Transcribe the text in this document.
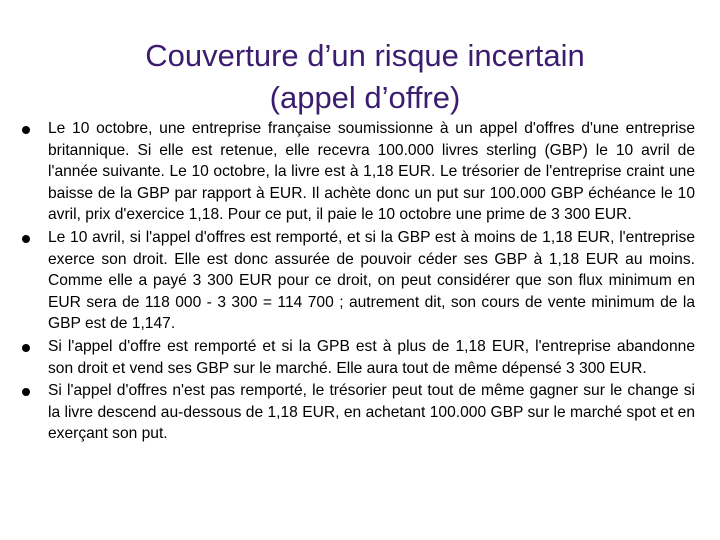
Couverture d’un risque incertain
(appel d’offre)
Le 10 octobre, une entreprise française soumissionne à un appel d'offres d'une entreprise britannique. Si elle est retenue, elle recevra 100.000 livres sterling (GBP) le 10 avril de l'année suivante. Le 10 octobre, la livre est à 1,18 EUR. Le trésorier de l'entreprise craint une baisse de la GBP par rapport à EUR. Il achète donc un put sur 100.000 GBP échéance le 10 avril, prix d'exercice 1,18. Pour ce put, il paie le 10 octobre une prime de 3 300 EUR.
Le 10 avril, si l'appel d'offres est remporté, et si la GBP est à moins de 1,18 EUR, l'entreprise exerce son droit. Elle est donc assurée de pouvoir céder ses GBP à 1,18 EUR au moins. Comme elle a payé 3 300 EUR pour ce droit, on peut considérer que son flux minimum en EUR sera de 118 000 - 3 300 = 114 700 ; autrement dit, son cours de vente minimum de la GBP est de 1,147.
Si l'appel d'offre est remporté et si la GPB est à plus de 1,18 EUR, l'entreprise abandonne son droit et vend ses GBP sur le marché. Elle aura tout de même dépensé 3 300 EUR.
Si l'appel d'offres n'est pas remporté, le trésorier peut tout de même gagner sur le change si la livre descend au-dessous de 1,18 EUR, en achetant 100.000 GBP sur le marché spot et en exerçant son put.
